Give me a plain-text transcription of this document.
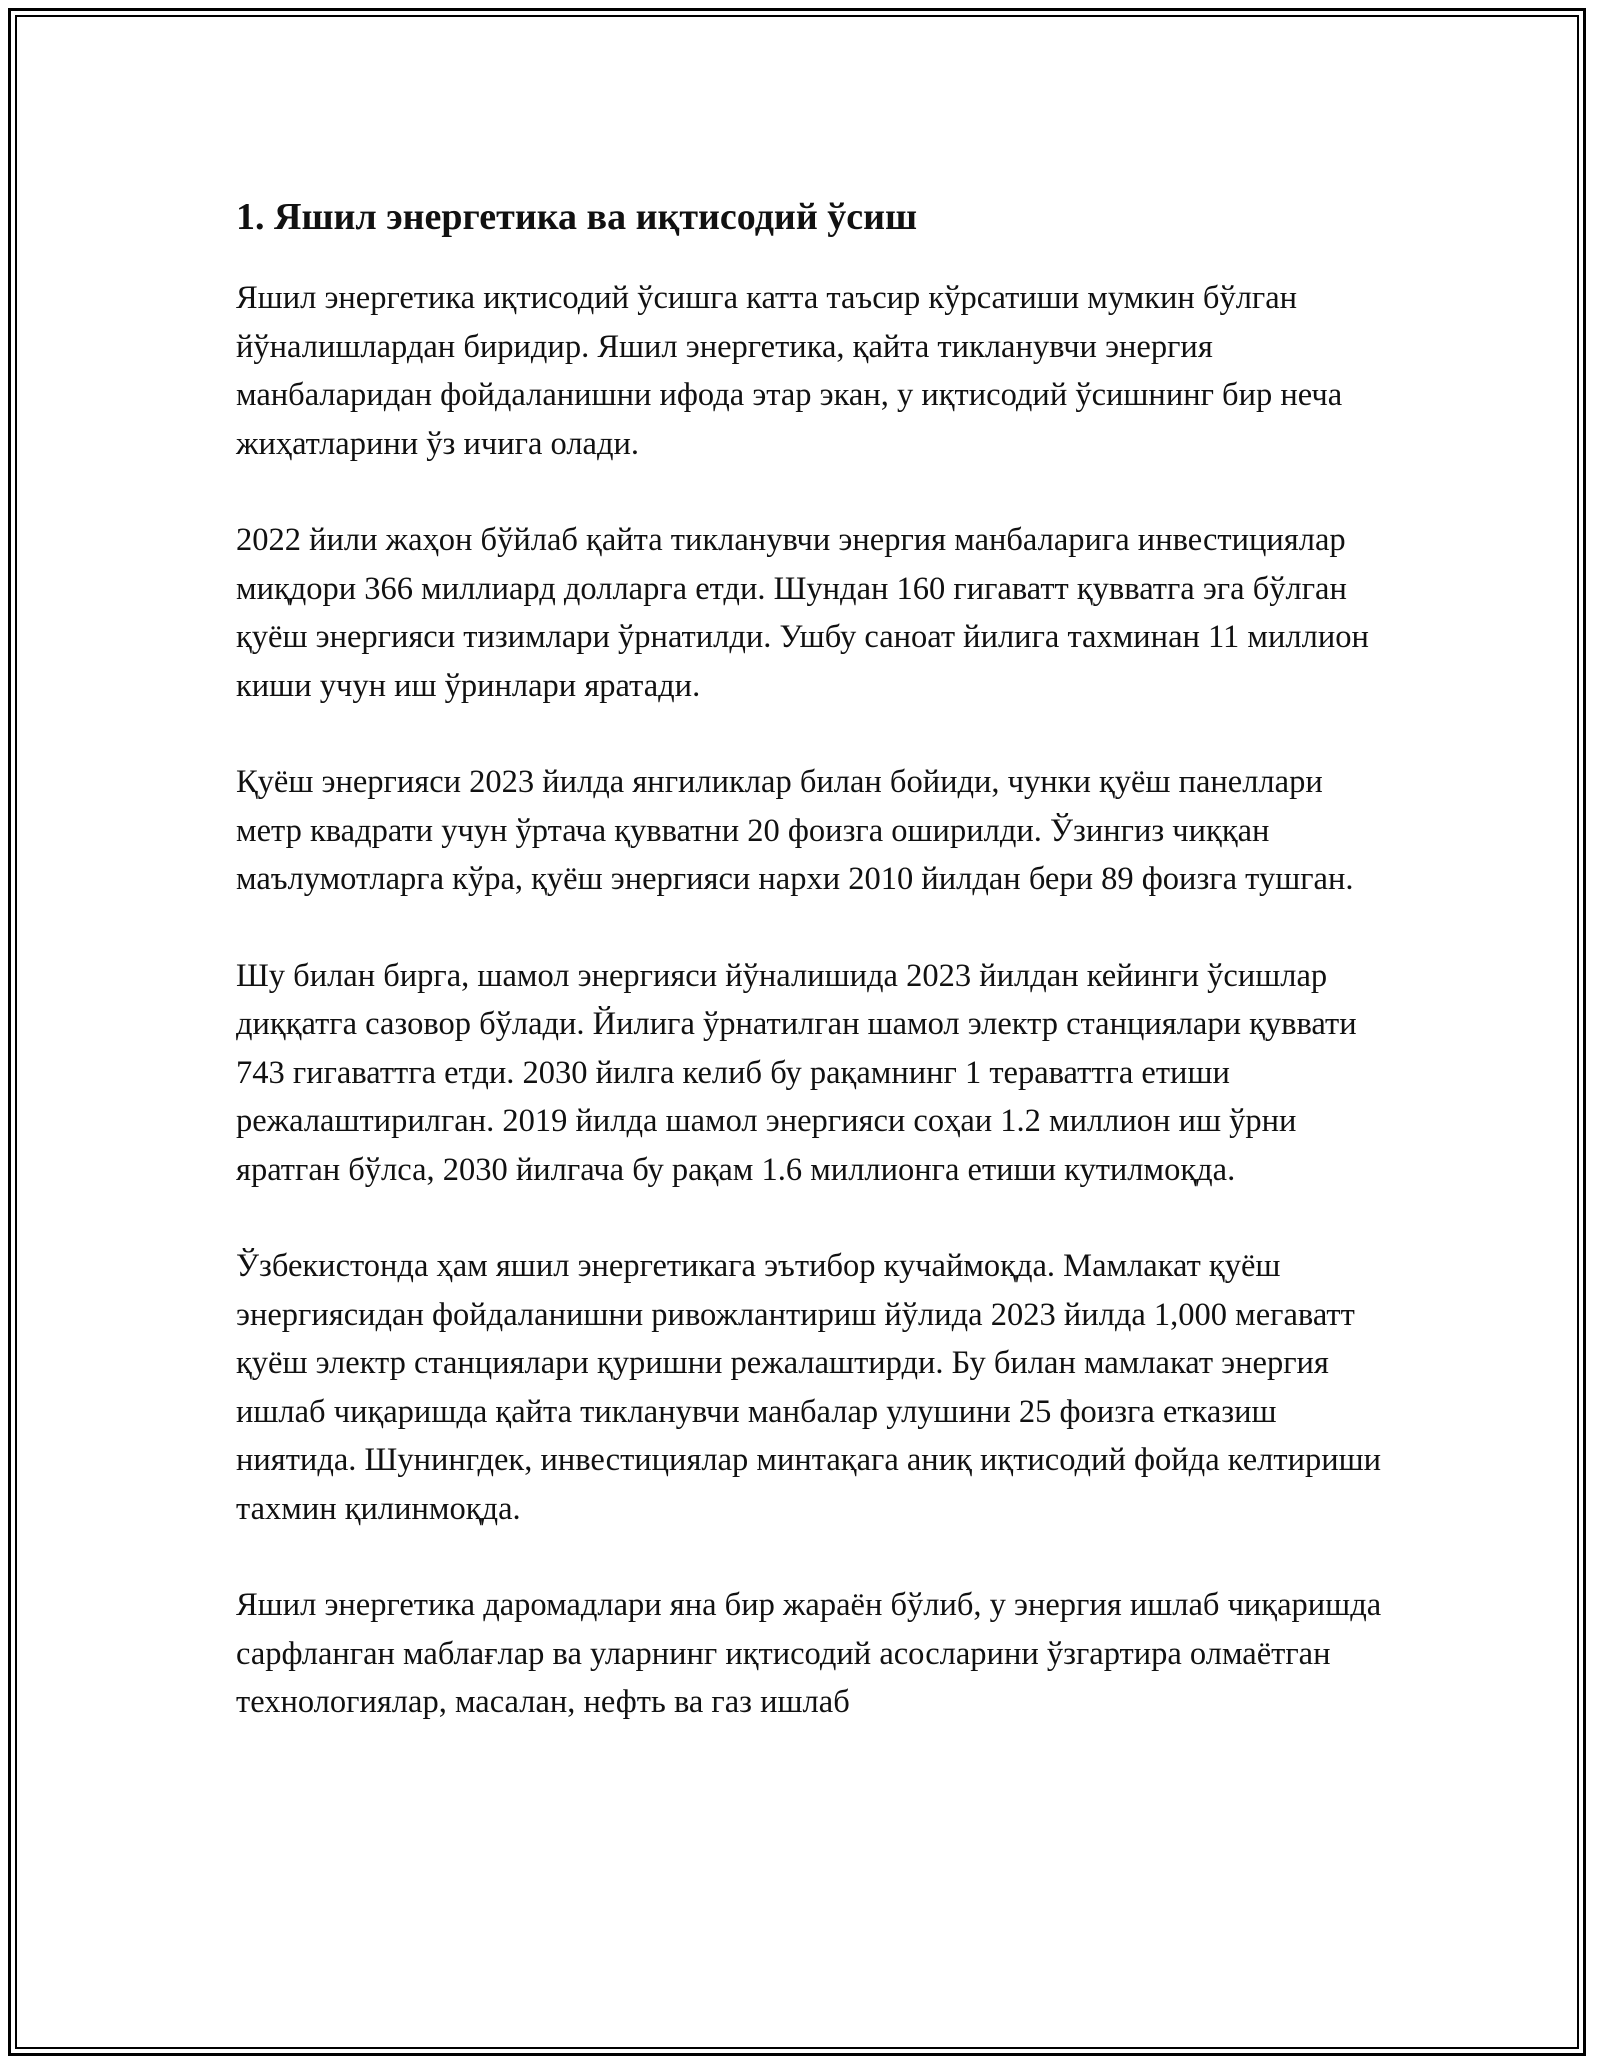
1. Яшил энергетика ва иқтисодий ўсиш

Яшил энергетика иқтисодий ўсишга катта таъсир кўрсатиши мумкин бўлган йўналишлардан биридир. Яшил энергетика, қайта тикланувчи энергия манбаларидан фойдаланишни ифода этар экан, у иқтисодий ўсишнинг бир неча жиҳатларини ўз ичига олади.

2022 йили жаҳон бўйлаб қайта тикланувчи энергия манбаларига инвестициялар миқдори 366 миллиард долларга етди. Шундан 160 гигаватт қувватга эга бўлган қуёш энергияси тизимлари ўрнатилди. Ушбу саноат йилига тахминан 11 миллион киши учун иш ўринлари яратади.

Қуёш энергияси 2023 йилда янгиликлар билан бойиди, чунки қуёш панеллари метр квадрати учун ўртача қувватни 20 фоизга оширилди. Ўзингиз чиққан маълумотларга кўра, қуёш энергияси нархи 2010 йилдан бери 89 фоизга тушган.

Шу билан бирга, шамол энергияси йўналишида 2023 йилдан кейинги ўсишлар диққатга сазовор бўлади. Йилига ўрнатилган шамол электр станциялари қуввати 743 гигаваттга етди. 2030 йилга келиб бу рақамнинг 1 тераваттга етиши режалаштирилган. 2019 йилда шамол энергияси соҳаи 1.2 миллион иш ўрни яратган бўлса, 2030 йилгача бу рақам 1.6 миллионга етиши кутилмоқда.

Ўзбекистонда ҳам яшил энергетикага эътибор кучаймоқда. Мамлакат қуёш энергиясидан фойдаланишни ривожлантириш йўлида 2023 йилда 1,000 мегаватт қуёш электр станциялари қуришни режалаштирди. Бу билан мамлакат энергия ишлаб чиқаришда қайта тикланувчи манбалар улушини 25 фоизга етказиш ниятида. Шунингдек, инвестициялар минтақага аниқ иқтисодий фойда келтириши тахмин қилинмоқда.

Яшил энергетика даромадлари яна бир жараён бўлиб, у энергия ишлаб чиқаришда сарфланган маблағлар ва уларнинг иқтисодий асосларини ўзгартира олмаётган технологиялар, масалан, нефть ва газ ишлаб
